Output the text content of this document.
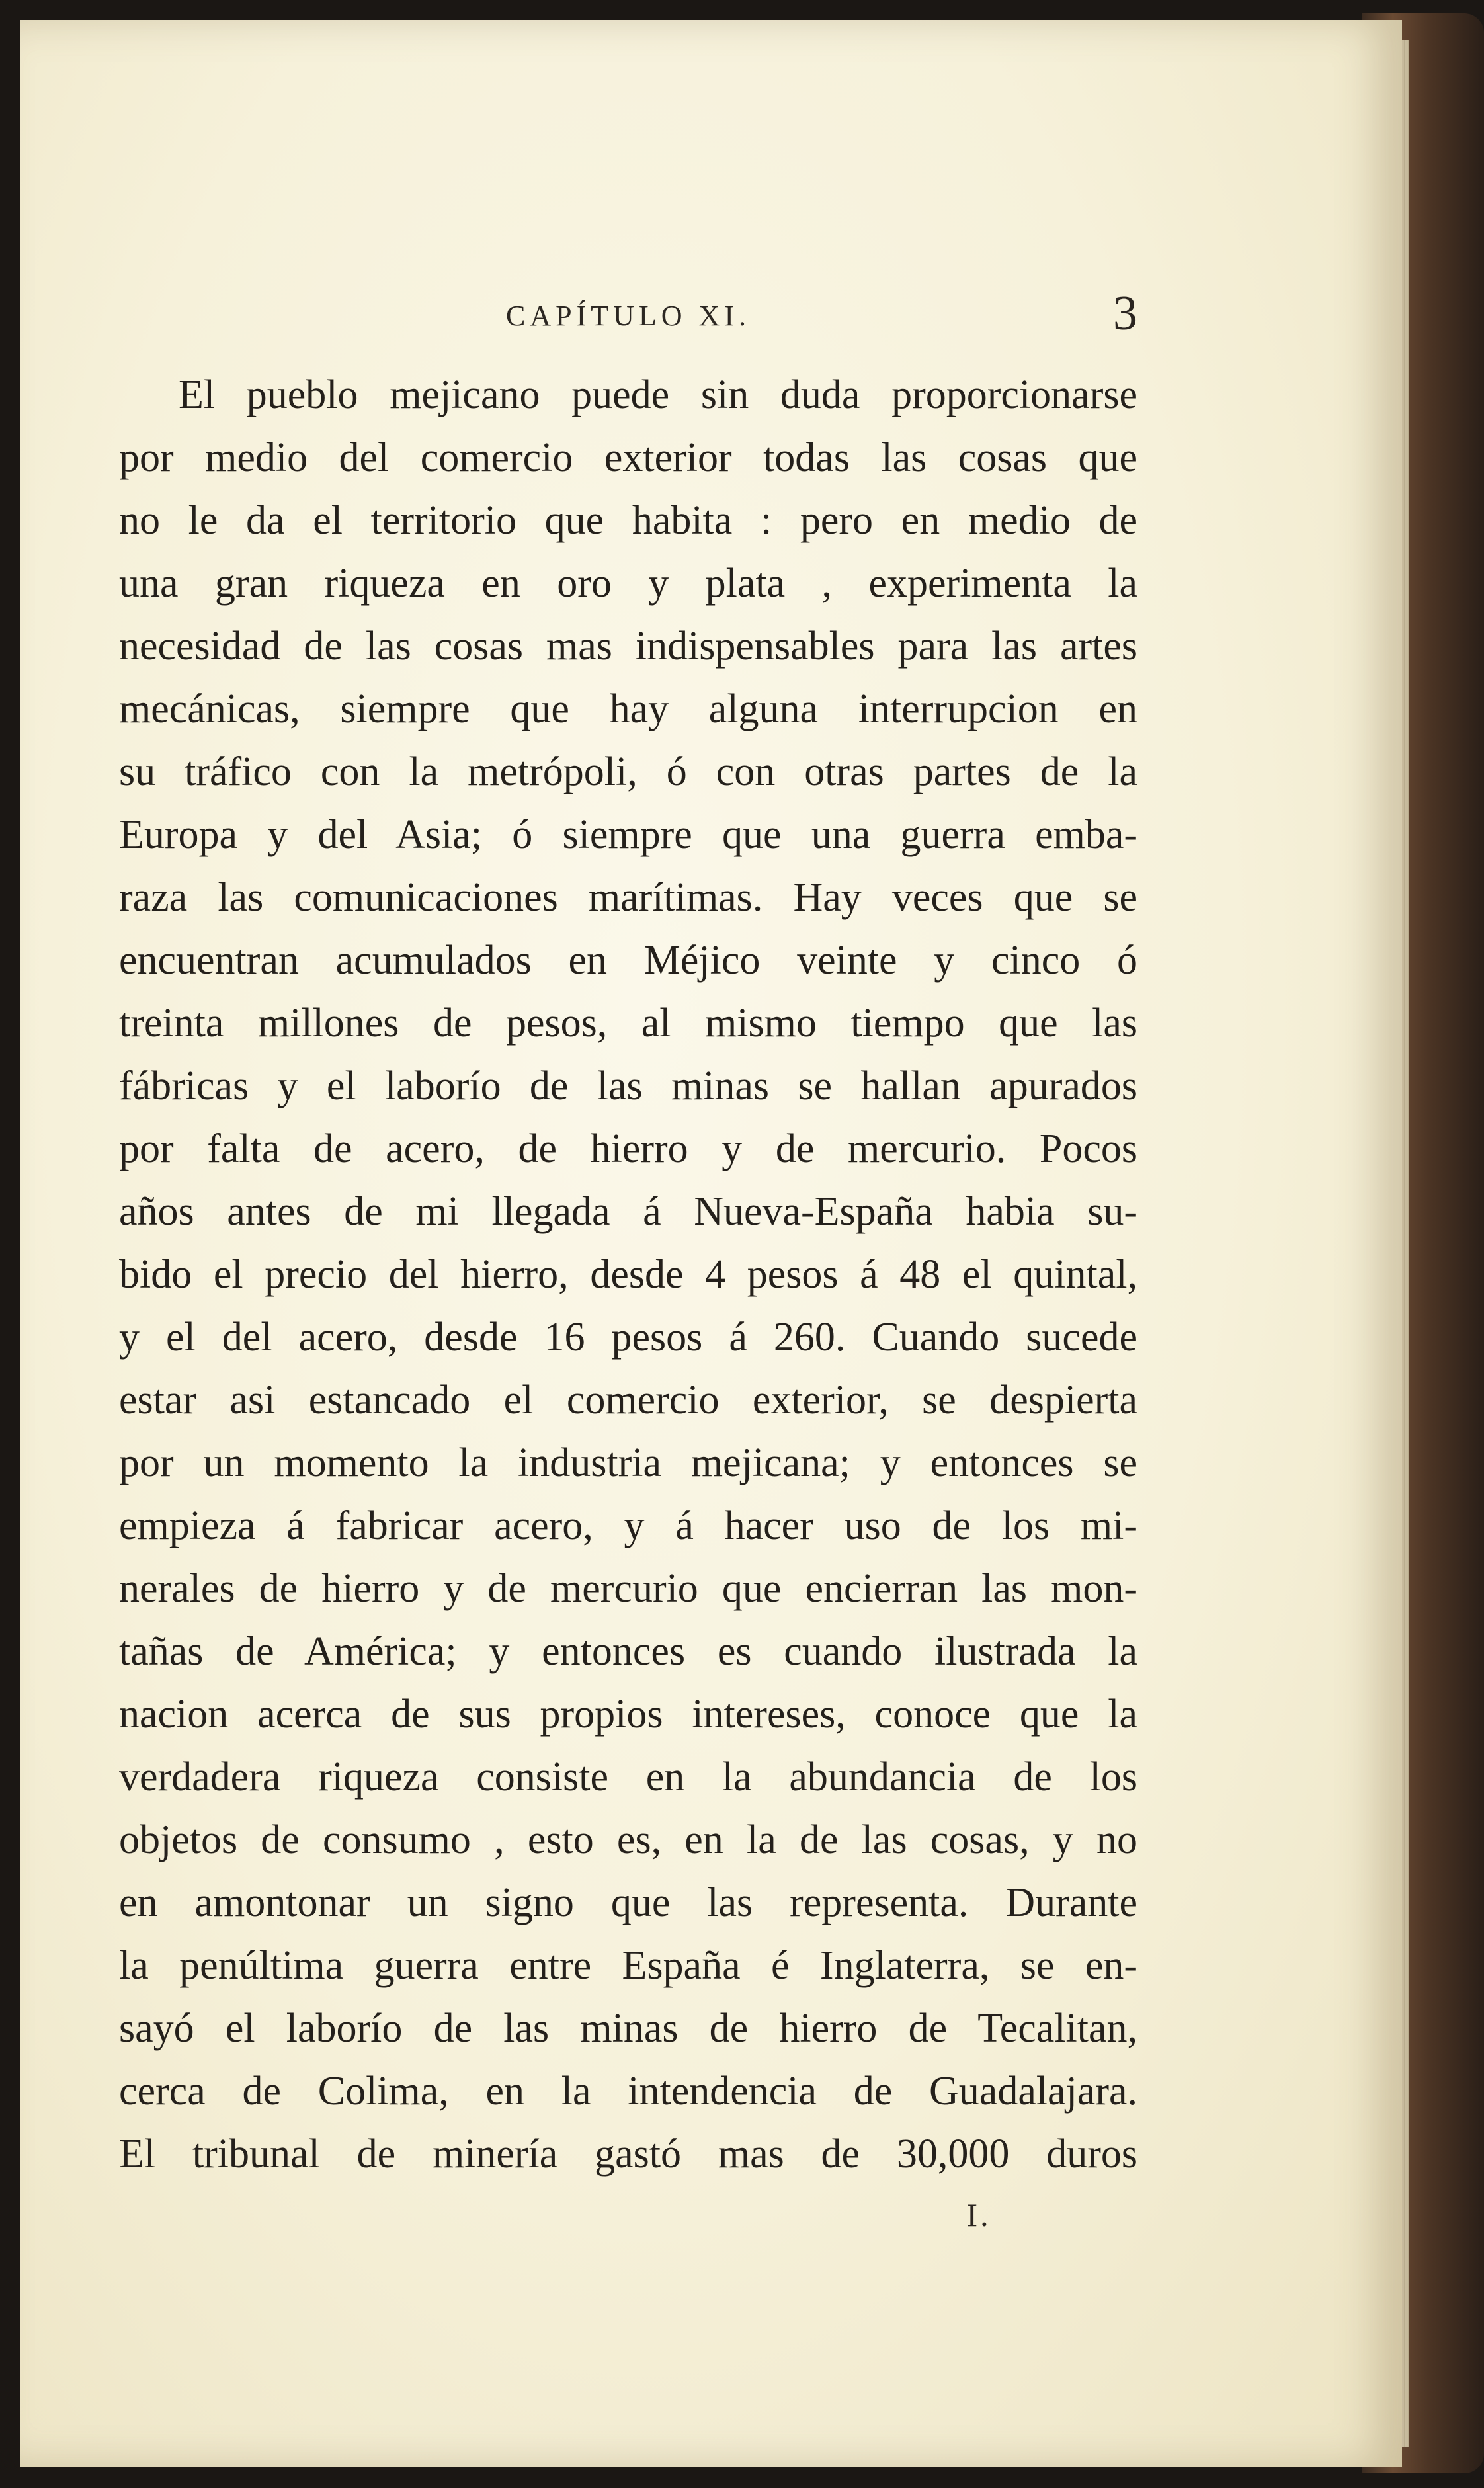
CAPÍTULO XI.	3
El pueblo mejicano puede sin duda proporcionarse
por medio del comercio exterior todas las cosas que
no le da el territorio que habita : pero en medio de
una gran riqueza en oro y plata , experimenta la
necesidad de las cosas mas indispensables para las artes
mecánicas, siempre que hay alguna interrupcion en
su tráfico con la metrópoli, ó con otras partes de la
Europa y del Asia; ó siempre que una guerra emba-
raza las comunicaciones marítimas. Hay veces que se
encuentran acumulados en Méjico veinte y cinco ó
treinta millones de pesos, al mismo tiempo que las
fábricas y el laborío de las minas se hallan apurados
por falta de acero, de hierro y de mercurio. Pocos
años antes de mi llegada á Nueva-España habia su-
bido el precio del hierro, desde 4 pesos á 48 el quintal,
y el del acero, desde 16 pesos á 260. Cuando sucede
estar asi estancado el comercio exterior, se despierta
por un momento la industria mejicana; y entonces se
empieza á fabricar acero, y á hacer uso de los mi-
nerales de hierro y de mercurio que encierran las mon-
tañas de América; y entonces es cuando ilustrada la
nacion acerca de sus propios intereses, conoce que la
verdadera riqueza consiste en la abundancia de los
objetos de consumo , esto es, en la de las cosas, y no
en amontonar un signo que las representa. Durante
la penúltima guerra entre España é Inglaterra, se en-
sayó el laborío de las minas de hierro de Tecalitan,
cerca de Colima, en la intendencia de Guadalajara.
El tribunal de minería gastó mas de 30,000 duros
I.
